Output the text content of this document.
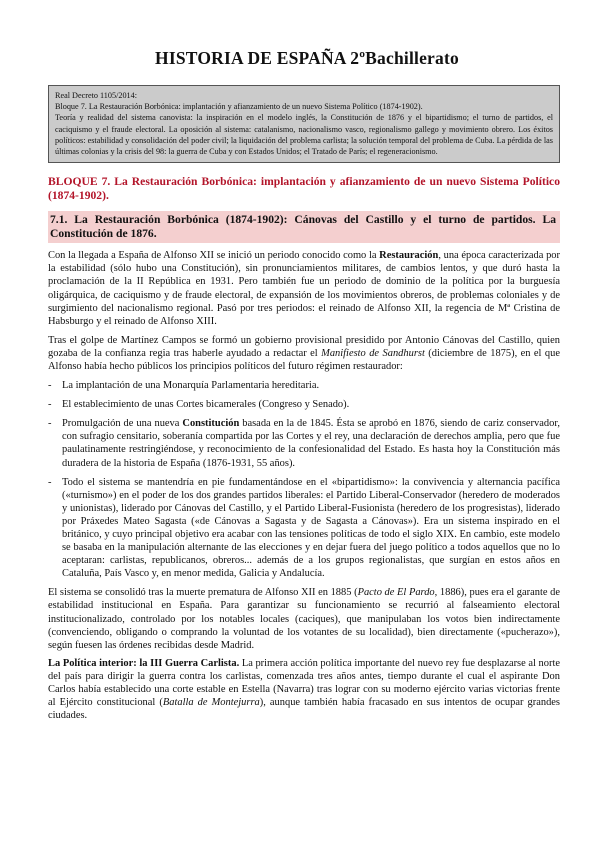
HISTORIA DE ESPAÑA 2ºBachillerato

Real Decreto 1105/2014:

Bloque 7. La Restauración Borbónica: implantación y afianzamiento de un nuevo Sistema Político (1874-1902).

Teoría y realidad del sistema canovista: la inspiración en el modelo inglés, la Constitución de 1876 y el bipartidismo; el turno de partidos, el caciquismo y el fraude electoral. La oposición al sistema: catalanismo, nacionalismo vasco, regionalismo gallego y movimiento obrero. Los éxitos políticos: estabilidad y consolidación del poder civil; la liquidación del problema carlista; la solución temporal del problema de Cuba. La pérdida de las últimas colonias y la crisis del 98: la guerra de Cuba y con Estados Unidos; el Tratado de París; el regeneracionismo.

BLOQUE 7. La Restauración Borbónica: implantación y afianzamiento de un nuevo Sistema Político (1874-1902).
7.1. La Restauración Borbónica (1874-1902): Cánovas del Castillo y el turno de partidos. La Constitución de 1876.

Con la llegada a España de Alfonso XII se inició un periodo conocido como la Restauración, una época caracterizada por la estabilidad (sólo hubo una Constitución), sin pronunciamientos militares, de cambios lentos, y que duró hasta la proclamación de la II República en 1931. Pero también fue un periodo de dominio de la política por la burguesía oligárquica, de caciquismo y de fraude electoral, de expansión de los movimientos obreros, de problemas coloniales y de surgimiento del nacionalismo regional. Pasó por tres periodos: el reinado de Alfonso XII, la regencia de Mª Cristina de Habsburgo y el reinado de Alfonso XIII.

Tras el golpe de Martínez Campos se formó un gobierno provisional presidido por Antonio Cánovas del Castillo, quien gozaba de la confianza regia tras haberle ayudado a redactar el Manifiesto de Sandhurst (diciembre de 1875), en el que Alfonso había hecho públicos los principios políticos del futuro régimen restaurador:

- La implantación de una Monarquía Parlamentaria hereditaria.
- El establecimiento de unas Cortes bicamerales (Congreso y Senado).
- Promulgación de una nueva Constitución basada en la de 1845. Ésta se aprobó en 1876, siendo de cariz conservador, con sufragio censitario, soberanía compartida por las Cortes y el rey, una declaración de derechos amplia, pero que fue paulatinamente restringiéndose, y reconocimiento de la confesionalidad del Estado. Es hasta hoy la Constitución más duradera de la historia de España (1876-1931, 55 años).
- Todo el sistema se mantendría en pie fundamentándose en el «bipartidismo»: la convivencia y alternancia pacífica («turnismo») en el poder de los dos grandes partidos liberales: el Partido Liberal-Conservador (heredero de moderados y unionistas), liderado por Cánovas del Castillo, y el Partido Liberal-Fusionista (heredero de los progresistas), liderado por Práxedes Mateo Sagasta («de Cánovas a Sagasta y de Sagasta a Cánovas»). Era un sistema inspirado en el británico, y cuyo principal objetivo era acabar con las tensiones políticas de todo el siglo XIX. En cambio, este modelo se basaba en la manipulación alternante de las elecciones y en dejar fuera del juego político a todos aquellos que no lo aceptaran: carlistas, republicanos, obreros... además de a los grupos regionalistas, que surgían en estos años en Cataluña, País Vasco y, en menor medida, Galicia y Andalucía.

El sistema se consolidó tras la muerte prematura de Alfonso XII en 1885 (Pacto de El Pardo, 1886), pues era el garante de estabilidad institucional en España. Para garantizar su funcionamiento se recurrió al falseamiento electoral institucionalizado, controlado por los notables locales (caciques), que manipulaban los votos bien indirectamente (convenciendo, obligando o comprando la voluntad de los votantes de su localidad), bien directamente («pucherazo»), según fuesen las órdenes recibidas desde Madrid.

La Política interior: la III Guerra Carlista. La primera acción política importante del nuevo rey fue desplazarse al norte del país para dirigir la guerra contra los carlistas, comenzada tres años antes, tiempo durante el cual el aspirante Don Carlos había establecido una corte estable en Estella (Navarra) tras lograr con su moderno ejército varias victorias frente al Ejército constitucional (Batalla de Montejurra), aunque también había fracasado en sus intentos de ocupar grandes ciudades.
